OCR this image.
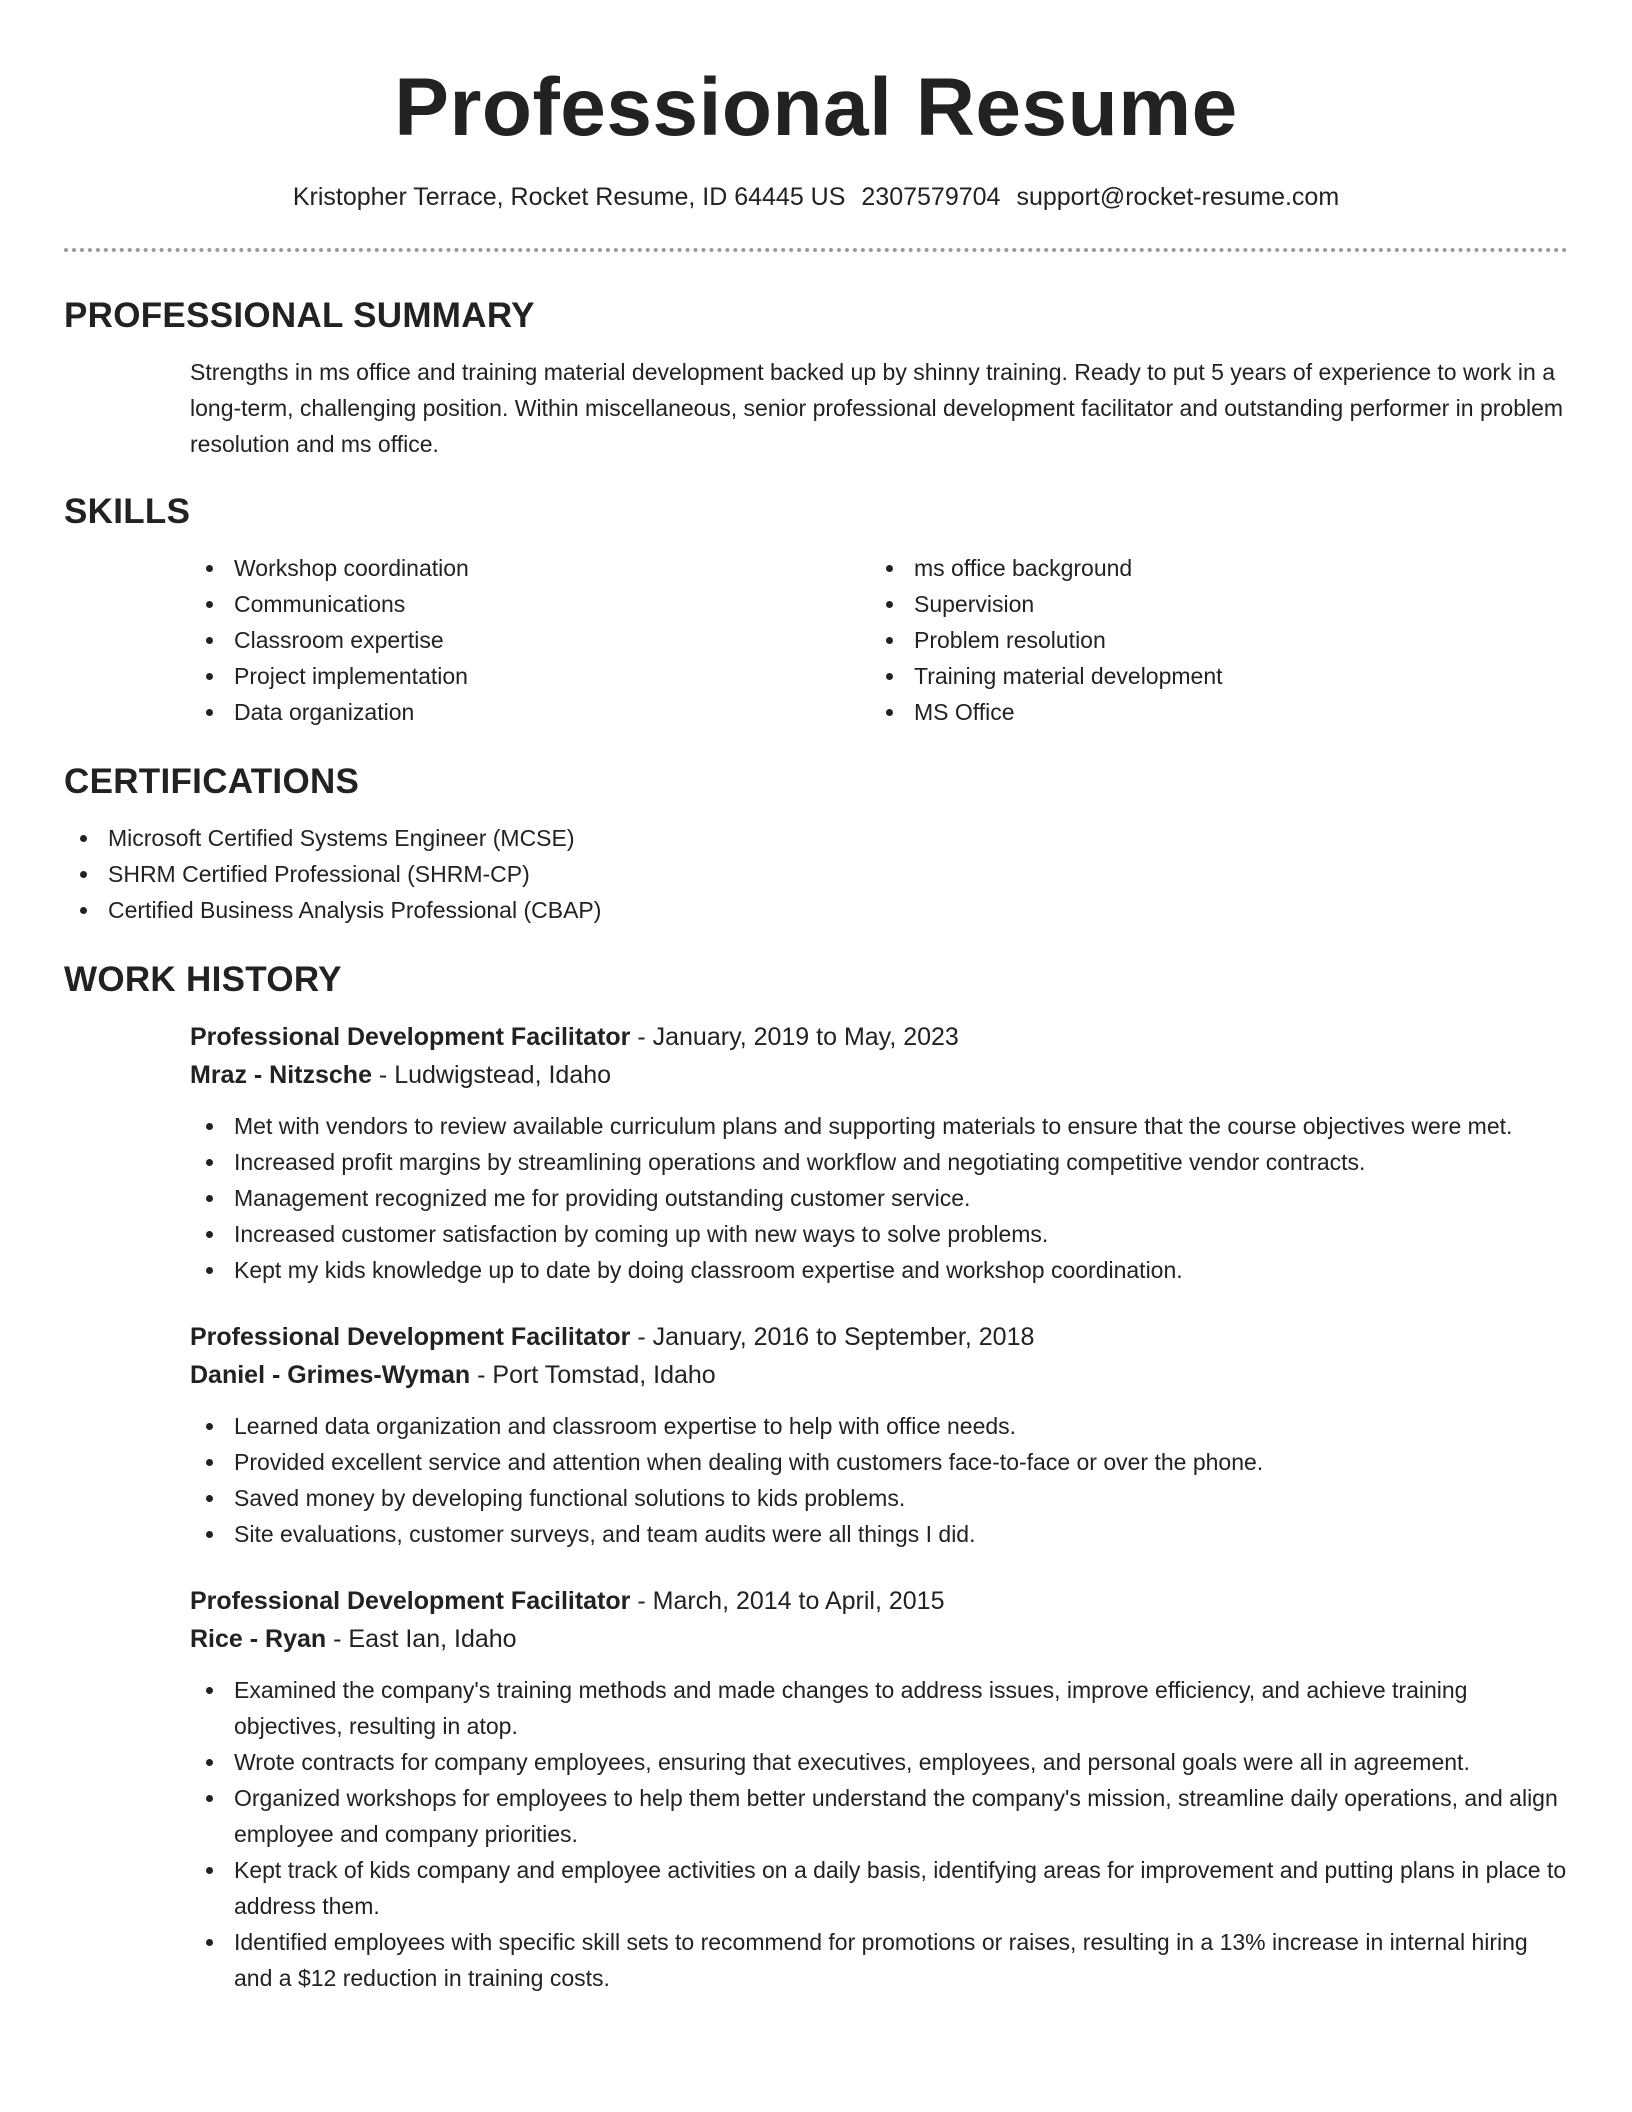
Professional Resume
Kristopher Terrace, Rocket Resume, ID 64445 US 2307579704 support@rocket-resume.com
PROFESSIONAL SUMMARY
Strengths in ms office and training material development backed up by shinny training. Ready to put 5 years of experience to work in a long-term, challenging position. Within miscellaneous, senior professional development facilitator and outstanding performer in problem resolution and ms office.
SKILLS
Workshop coordination
Communications
Classroom expertise
Project implementation
Data organization
ms office background
Supervision
Problem resolution
Training material development
MS Office
CERTIFICATIONS
Microsoft Certified Systems Engineer (MCSE)
SHRM Certified Professional (SHRM-CP)
Certified Business Analysis Professional (CBAP)
WORK HISTORY
Professional Development Facilitator - January, 2019 to May, 2023
Mraz - Nitzsche - Ludwigstead, Idaho
Met with vendors to review available curriculum plans and supporting materials to ensure that the course objectives were met.
Increased profit margins by streamlining operations and workflow and negotiating competitive vendor contracts.
Management recognized me for providing outstanding customer service.
Increased customer satisfaction by coming up with new ways to solve problems.
Kept my kids knowledge up to date by doing classroom expertise and workshop coordination.
Professional Development Facilitator - January, 2016 to September, 2018
Daniel - Grimes-Wyman - Port Tomstad, Idaho
Learned data organization and classroom expertise to help with office needs.
Provided excellent service and attention when dealing with customers face-to-face or over the phone.
Saved money by developing functional solutions to kids problems.
Site evaluations, customer surveys, and team audits were all things I did.
Professional Development Facilitator - March, 2014 to April, 2015
Rice - Ryan - East Ian, Idaho
Examined the company's training methods and made changes to address issues, improve efficiency, and achieve training objectives, resulting in atop.
Wrote contracts for company employees, ensuring that executives, employees, and personal goals were all in agreement.
Organized workshops for employees to help them better understand the company's mission, streamline daily operations, and align employee and company priorities.
Kept track of kids company and employee activities on a daily basis, identifying areas for improvement and putting plans in place to address them.
Identified employees with specific skill sets to recommend for promotions or raises, resulting in a 13% increase in internal hiring and a $12 reduction in training costs.
